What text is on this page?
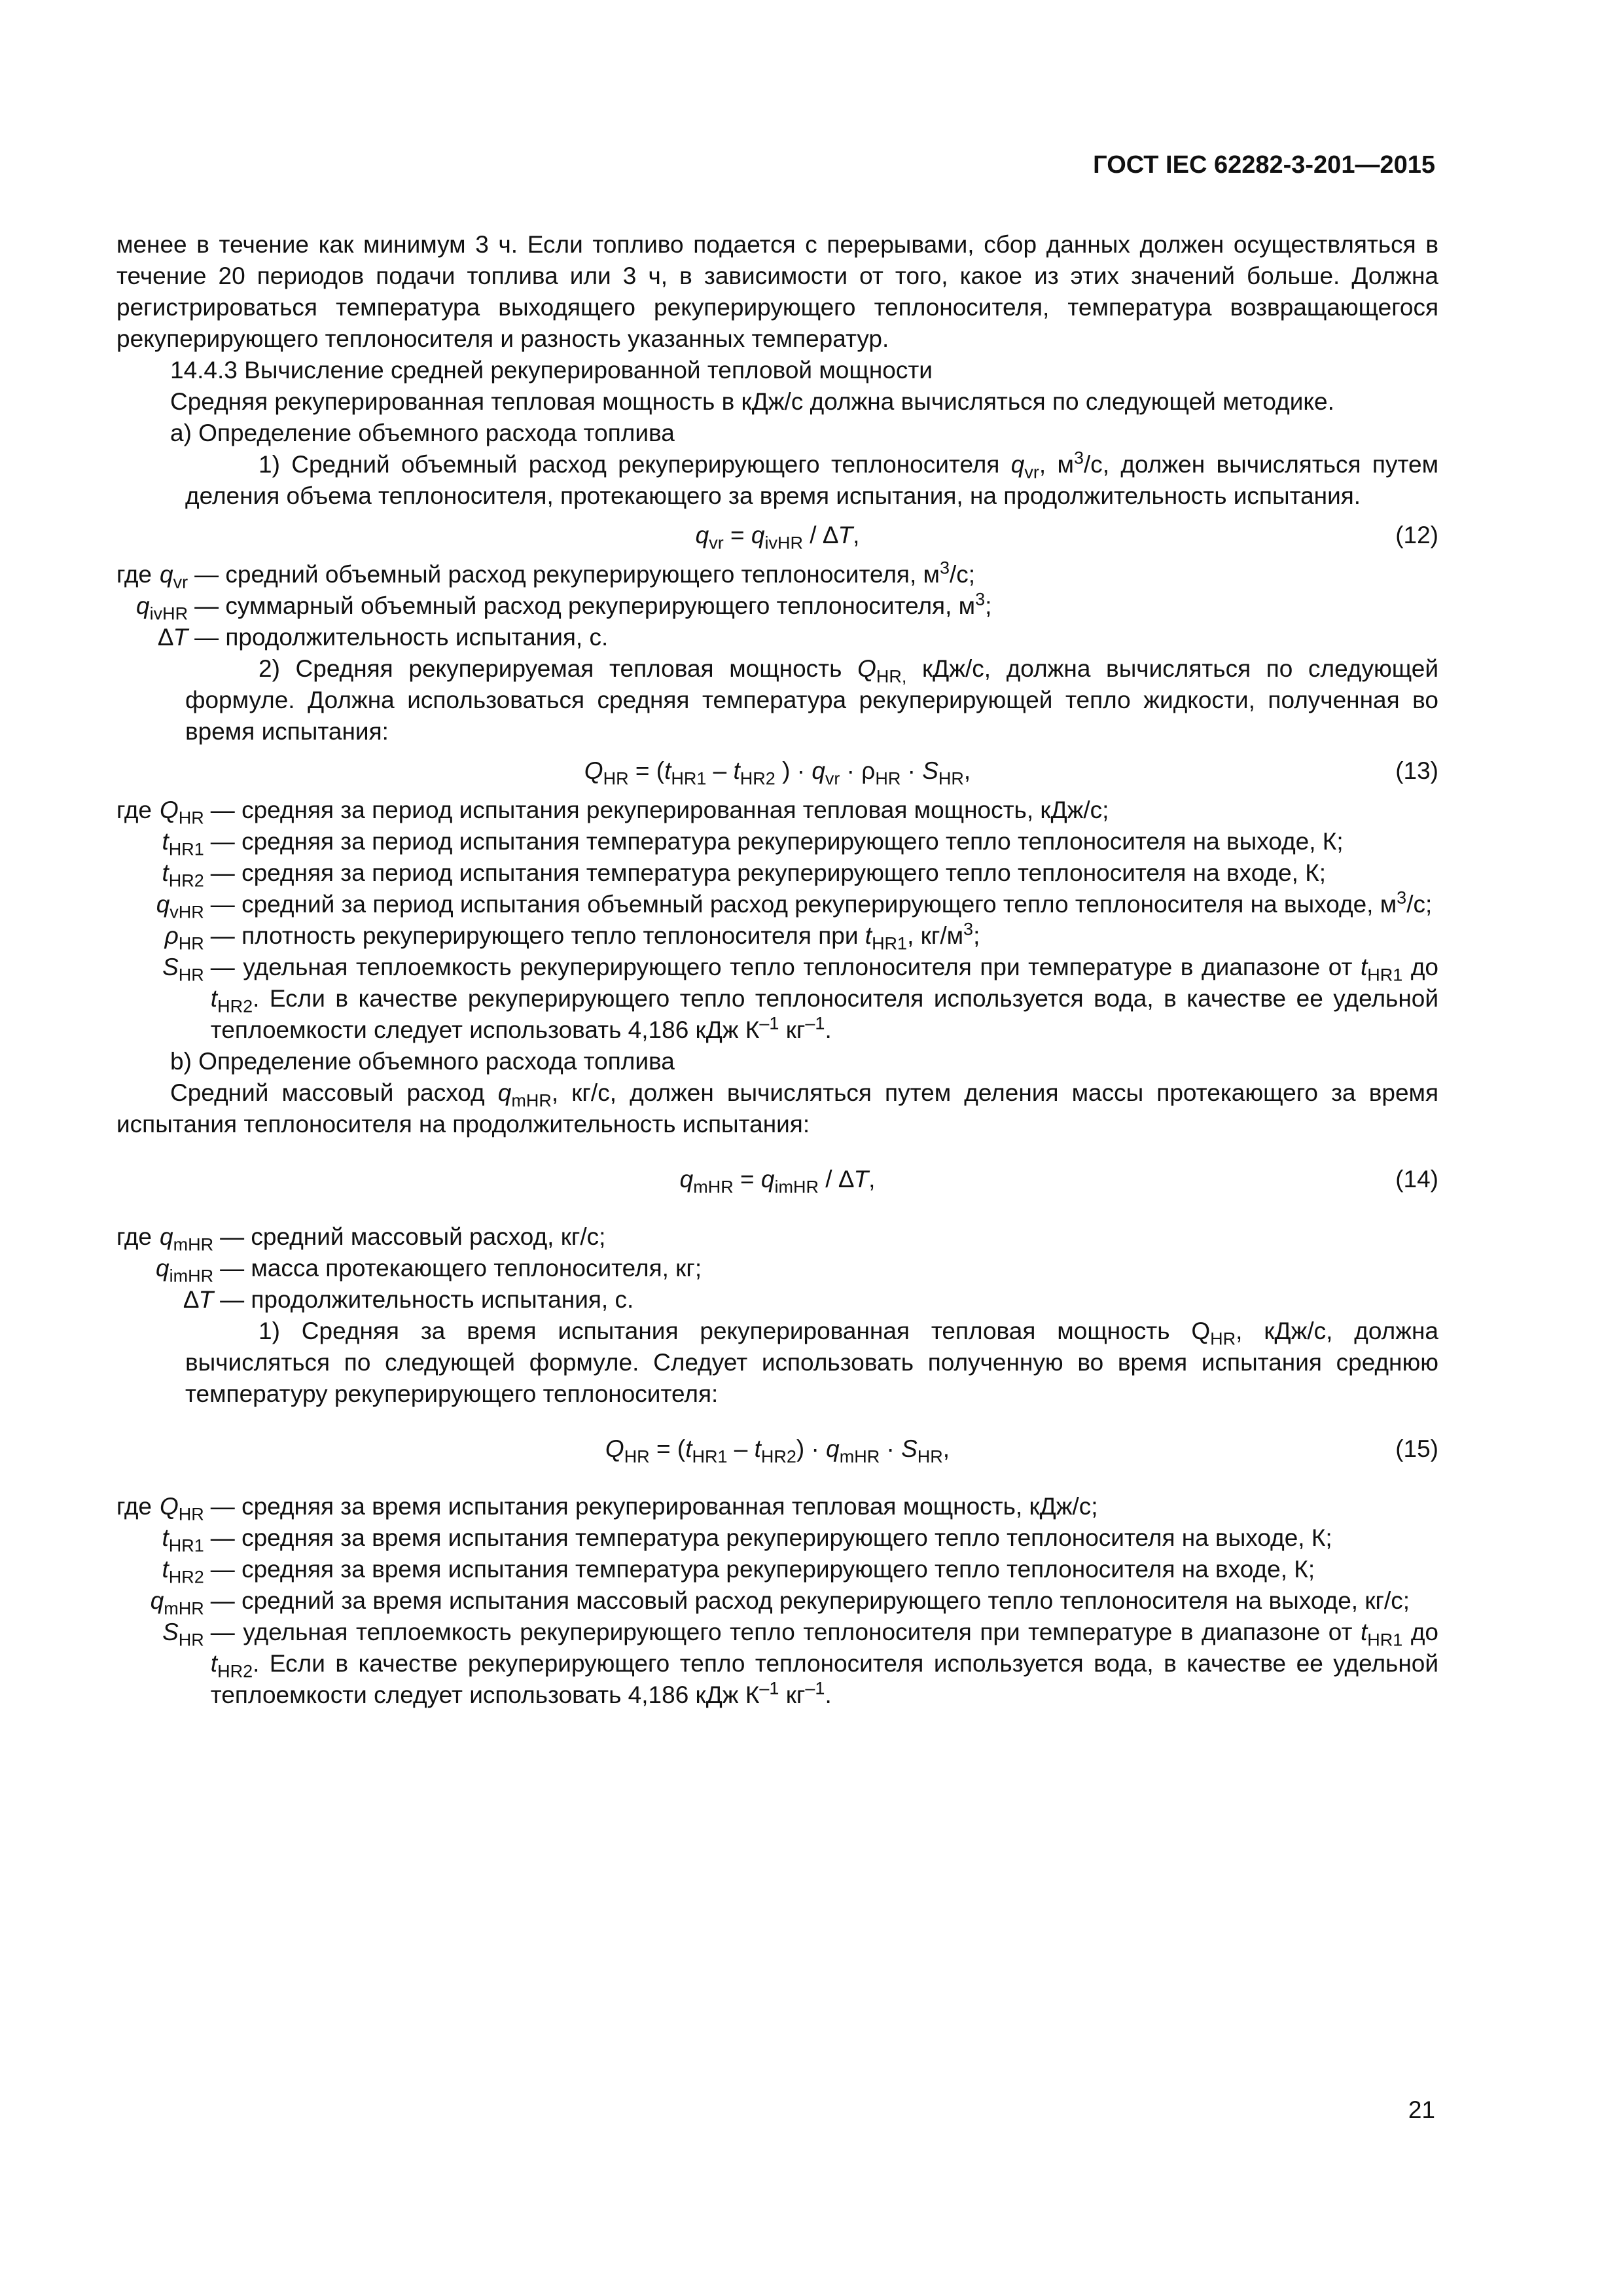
ГОСТ IEC 62282-3-201—2015

менее в течение как минимум 3 ч. Если топливо подается с перерывами, сбор данных должен осуществляться в течение 20 периодов подачи топлива или 3 ч, в зависимости от того, какое из этих значений больше. Должна регистрироваться температура выходящего рекуперирующего теплоносителя, температура возвращающегося рекуперирующего теплоносителя и разность указанных температур.

14.4.3 Вычисление средней рекуперированной тепловой мощности

Средняя рекуперированная тепловая мощность в кДж/с должна вычисляться по следующей методике.

а) Определение объемного расхода топлива

1) Средний объемный расход рекуперирующего теплоносителя $q_{vr}$, $м^3/с$, должен вычисляться путем деления объема теплоносителя, протекающего за время испытания, на продолжительность испытания.

$q_{vr} = q_{ivHR} / \Delta T$,	(12)
где $q_{vr}$ — средний объемный расход рекуперирующего теплоносителя, $м^3/с$;
$q_{ivHR}$ — суммарный объемный расход рекуперирующего теплоносителя, $м^3$;
∆T — продолжительность испытания, с.

2) Средняя рекуперируемая тепловая мощность $Q_{HR,}$ кДж/с, должна вычисляться по следующей формуле. Должна использоваться средняя температура рекуперирующей тепло жидкости, полученная во время испытания:

$Q_{HR} = (t_{HR1} - t_{HR2}$ ) · $q_{vr} \cdot \rho_{HR} \cdot S_{HR}$,	(13)
где $Q_{HR}$ — средняя за период испытания рекуперированная тепловая мощность, кДж/с;
$t_{HR1}$ — средняя за период испытания температура рекуперирующего тепло теплоносителя на выходе, К;
$t_{HR2}$ — средняя за период испытания температура рекуперирующего тепло теплоносителя на входе, К;
$q_{vHR}$ — средний за период испытания объемный расход рекуперирующего тепло теплоносителя на выходе, $м^3/с$;
$\rho_{HR}$ — плотность рекуперирующего тепло теплоносителя при $t_{HR1}$, $кг/м^3$;
$S_{HR}$ — удельная теплоемкость рекуперирующего тепло теплоносителя при температуре в диапазоне от $t_{HR1}$ до $t_{HR2}$. Если в качестве рекуперирующего тепло теплоносителя используется вода, в качестве ее удельной теплоемкости следует использовать 4,186 кДж $К^{-1}$ $кг^{-1}$.

b) Определение объемного расхода топлива

Средний массовый расход $q_{mHR}$, кг/с, должен вычисляться путем деления массы протекающего за время испытания теплоносителя на продолжительность испытания:

$q_{mHR} = q_{imHR} / \Delta T$,	(14)
где $q_{mHR}$ — средний массовый расход, кг/с;
$q_{imHR}$ — масса протекающего теплоносителя, кг;
∆T — продолжительность испытания, с.

1) Средняя за время испытания рекуперированная тепловая мощность $Q_{HR}$, кДж/с, должна вычисляться по следующей формуле. Следует использовать полученную во время испытания среднюю температуру рекуперирующего теплоносителя:

$Q_{HR} = (t_{HR1} - t_{HR2}) \cdot q_{mHR} \cdot S_{HR}$,	(15)
где $Q_{HR}$ — средняя за время испытания рекуперированная тепловая мощность, кДж/с;
$t_{HR1}$ — средняя за время испытания температура рекуперирующего тепло теплоносителя на выходе, К;
$t_{HR2}$ — средняя за время испытания температура рекуперирующего тепло теплоносителя на входе, К;
$q_{mHR}$ — средний за время испытания массовый расход рекуперирующего тепло теплоносителя на выходе, кг/с;
$S_{HR}$ — удельная теплоемкость рекуперирующего тепло теплоносителя при температуре в диапазоне от $t_{HR1}$ до $t_{HR2}$. Если в качестве рекуперирующего тепло теплоносителя используется вода, в качестве ее удельной теплоемкости следует использовать 4,186 кДж $К^{-1}$ $кг^{-1}$.
21
